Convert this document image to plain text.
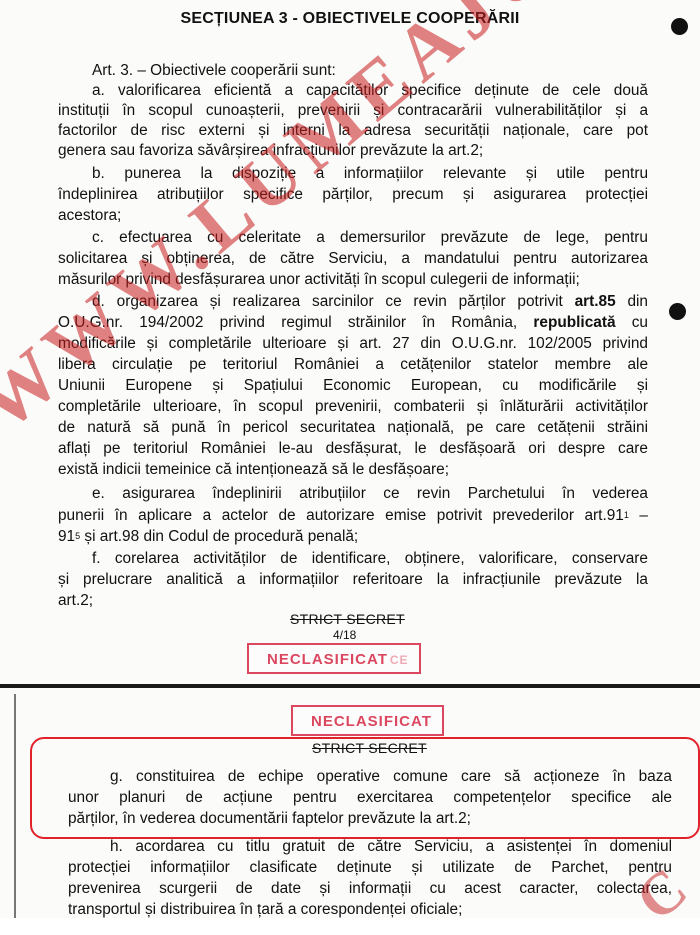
SECȚIUNEA 3 - OBIECTIVELE COOPERĂRII
Art. 3. – Obiectivele cooperării sunt:
a. valorificarea eficientă a capacităților specifice deținute de cele două
instituții în scopul cunoașterii, prevenirii și contracarării vulnerabilităților și a
factorilor de risc externi și interni la adresa securității naționale, care pot
genera sau favoriza săvârșirea infracțiunilor prevăzute la art.2;
b. punerea la dispoziție a informațiilor relevante și utile pentru
îndeplinirea atribuțiilor specifice părților, precum și asigurarea protecției
acestora;
c. efectuarea cu celeritate a demersurilor prevăzute de lege, pentru
solicitarea și obținerea, de către Serviciu, a mandatului pentru autorizarea
măsurilor privind desfășurarea unor activități în scopul culegerii de informații;
d. organizarea și realizarea sarcinilor ce revin părților potrivit art.85 din
O.U.G.nr. 194/2002 privind regimul străinilor în România, republicată cu
modificările și completările ulterioare și art. 27 din O.U.G.nr. 102/2005 privind
libera circulație pe teritoriul României a cetățenilor statelor membre ale
Uniunii Europene și Spațiului Economic European, cu modificările și
completările ulterioare, în scopul prevenirii, combaterii și înlăturării activităților
de natură să pună în pericol securitatea națională, pe care cetățenii străini
aflați pe teritoriul României le-au desfășurat, le desfășoară ori despre care
există indicii temeinice că intenționează să le desfășoare;
e. asigurarea îndeplinirii atribuțiilor ce revin Parchetului în vederea
punerii în aplicare a actelor de autorizare emise potrivit prevederilor $art.91^1$ –
$91^5$ și art.98 din Codul de procedură penală;
f. corelarea activităților de identificare, obținere, valorificare, conservare
și prelucrare analitică a informațiilor referitoare la infracțiunile prevăzute la
art.2;
STRICT SECRET
4/18
NECLASIFICAT CE
NECLASIFICAT
STRICT SECRET
g. constituirea de echipe operative comune care să acționeze în baza
unor planuri de acțiune pentru exercitarea competențelor specifice ale
părților, în vederea documentării faptelor prevăzute la art.2;
h. acordarea cu titlu gratuit de către Serviciu, a asistenței în domeniul
protecției informațiilor clasificate deținute și utilizate de Parchet, pentru
prevenirea scurgerii de date și informații cu acest caracter, colectarea,
transportul și distribuirea în țară a corespondenței oficiale;	C
